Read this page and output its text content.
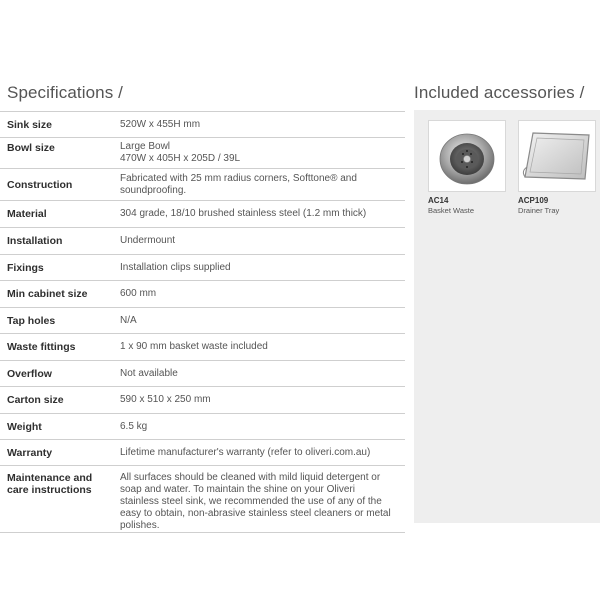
Specifications /	Included accessories /
Sink size	520W x 455H mm

Bowl size	Large Bowl
470W x 405H x 205D / 39L

Construction	Fabricated with 25 mm radius corners, Softtone® and soundproofing.

Material	304 grade, 18/10 brushed stainless steel (1.2 mm thick)

Installation	Undermount

Fixings	Installation clips supplied

Min cabinet size	600 mm

Tap holes	N/A

Waste fittings	1 x 90 mm basket waste included

Overflow	Not available

Carton size	590 x 510 x 250 mm

Weight	6.5 kg

Warranty	Lifetime manufacturer's warranty (refer to oliveri.com.au)

Maintenance and care instructions	All surfaces should be cleaned with mild liquid detergent or soap and water. To maintain the shine on your Oliveri stainless steel sink, we recommended the use of any of the easy to obtain, non-abrasive stainless steel cleaners or metal polishes.
AC14
Basket Waste
ACP109
Drainer Tray
